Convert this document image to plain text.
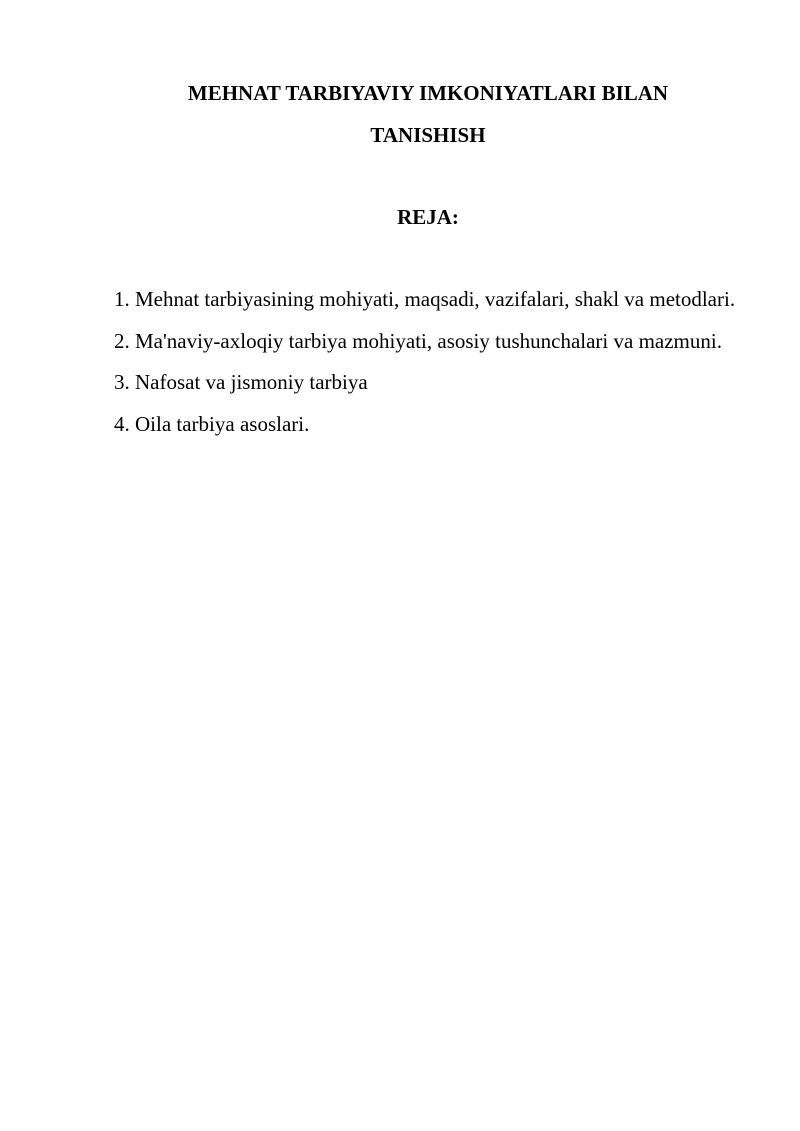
MEHNAT TARBIYAVIY IMKONIYATLARI BILAN
TANISHISH
REJA:
1. Mehnat tarbiyasining mohiyati, maqsadi, vazifalari, shakl va metodlari.
2. Ma'naviy-axloqiy tarbiya mohiyati, asosiy tushunchalari va mazmuni.
3. Nafosat va jismoniy tarbiya
4. Oila tarbiya asoslari.
